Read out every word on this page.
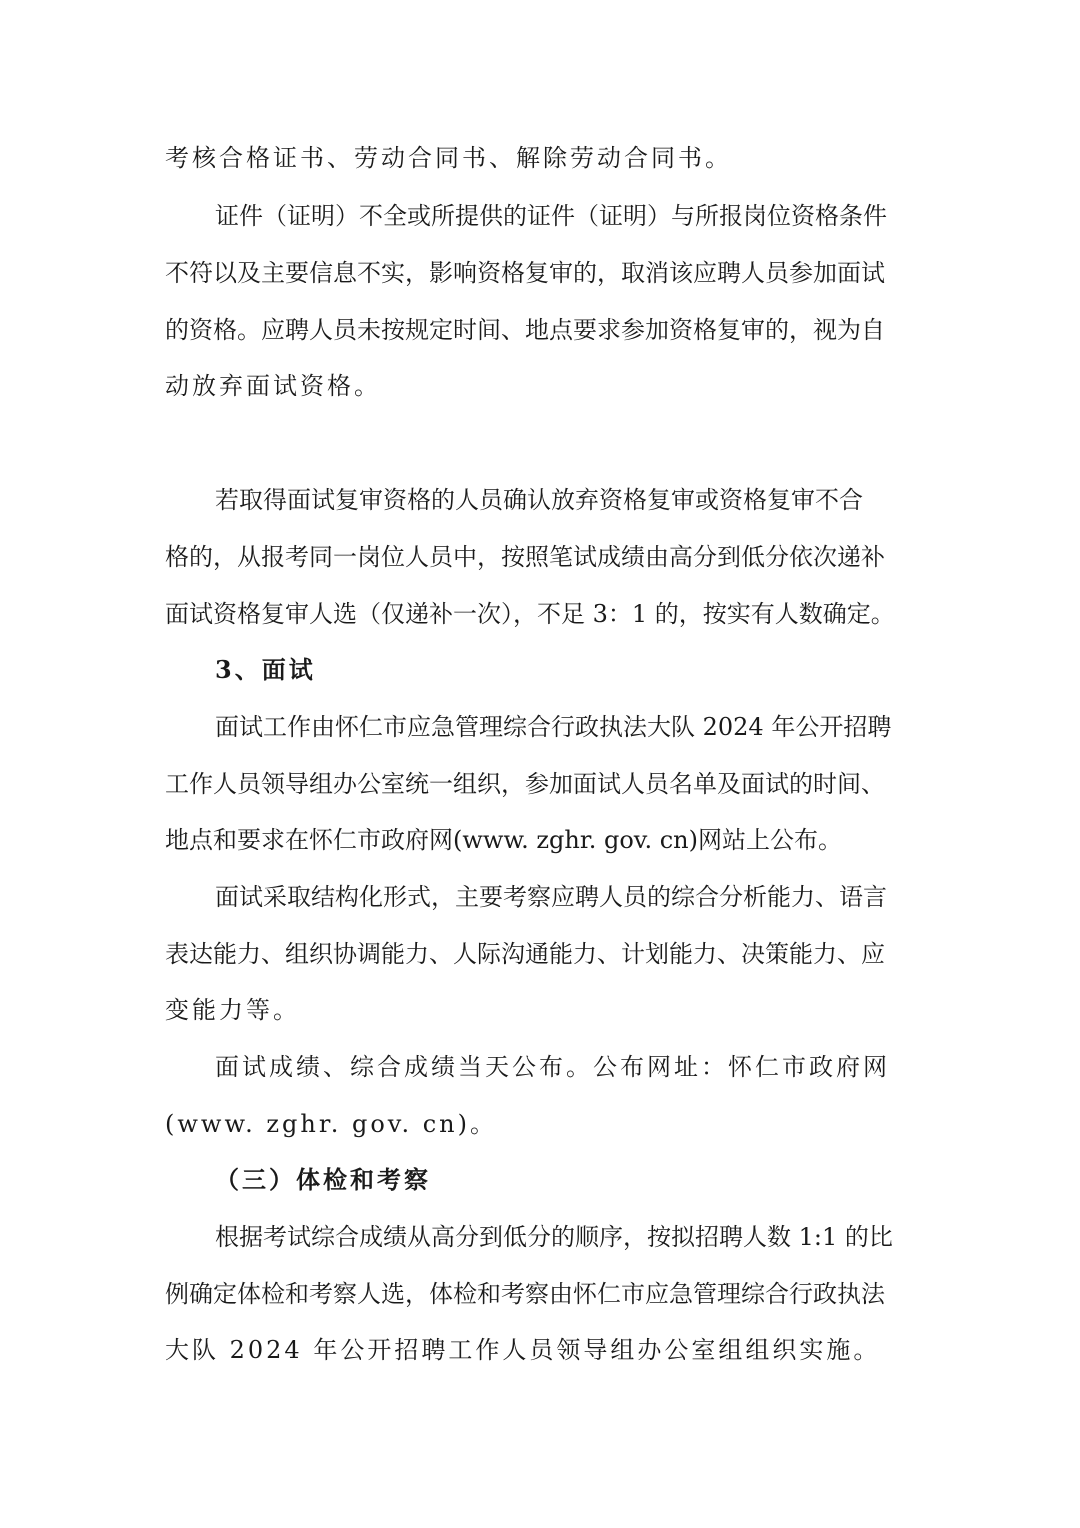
考核合格证书、劳动合同书、解除劳动合同书。
证件（证明）不全或所提供的证件（证明）与所报岗位资格条件
不符以及主要信息不实，影响资格复审的，取消该应聘人员参加面试
的资格。应聘人员未按规定时间、地点要求参加资格复审的，视为自
动放弃面试资格。
若取得面试复审资格的人员确认放弃资格复审或资格复审不合
格的，从报考同一岗位人员中，按照笔试成绩由高分到低分依次递补
面试资格复审人选（仅递补一次），不足 3：1 的，按实有人数确定。
3、面试
面试工作由怀仁市应急管理综合行政执法大队 2024 年公开招聘
工作人员领导组办公室统一组织，参加面试人员名单及面试的时间、
地点和要求在怀仁市政府网(www. zghr. gov. cn)网站上公布。
面试采取结构化形式，主要考察应聘人员的综合分析能力、语言
表达能力、组织协调能力、人际沟通能力、计划能力、决策能力、应
变能力等。
面试成绩、综合成绩当天公布。公布网址：怀仁市政府网
(www. zghr. gov. cn)。
（三）体检和考察
根据考试综合成绩从高分到低分的顺序，按拟招聘人数 1:1 的比
例确定体检和考察人选，体检和考察由怀仁市应急管理综合行政执法
大队 2024 年公开招聘工作人员领导组办公室组组织实施。
